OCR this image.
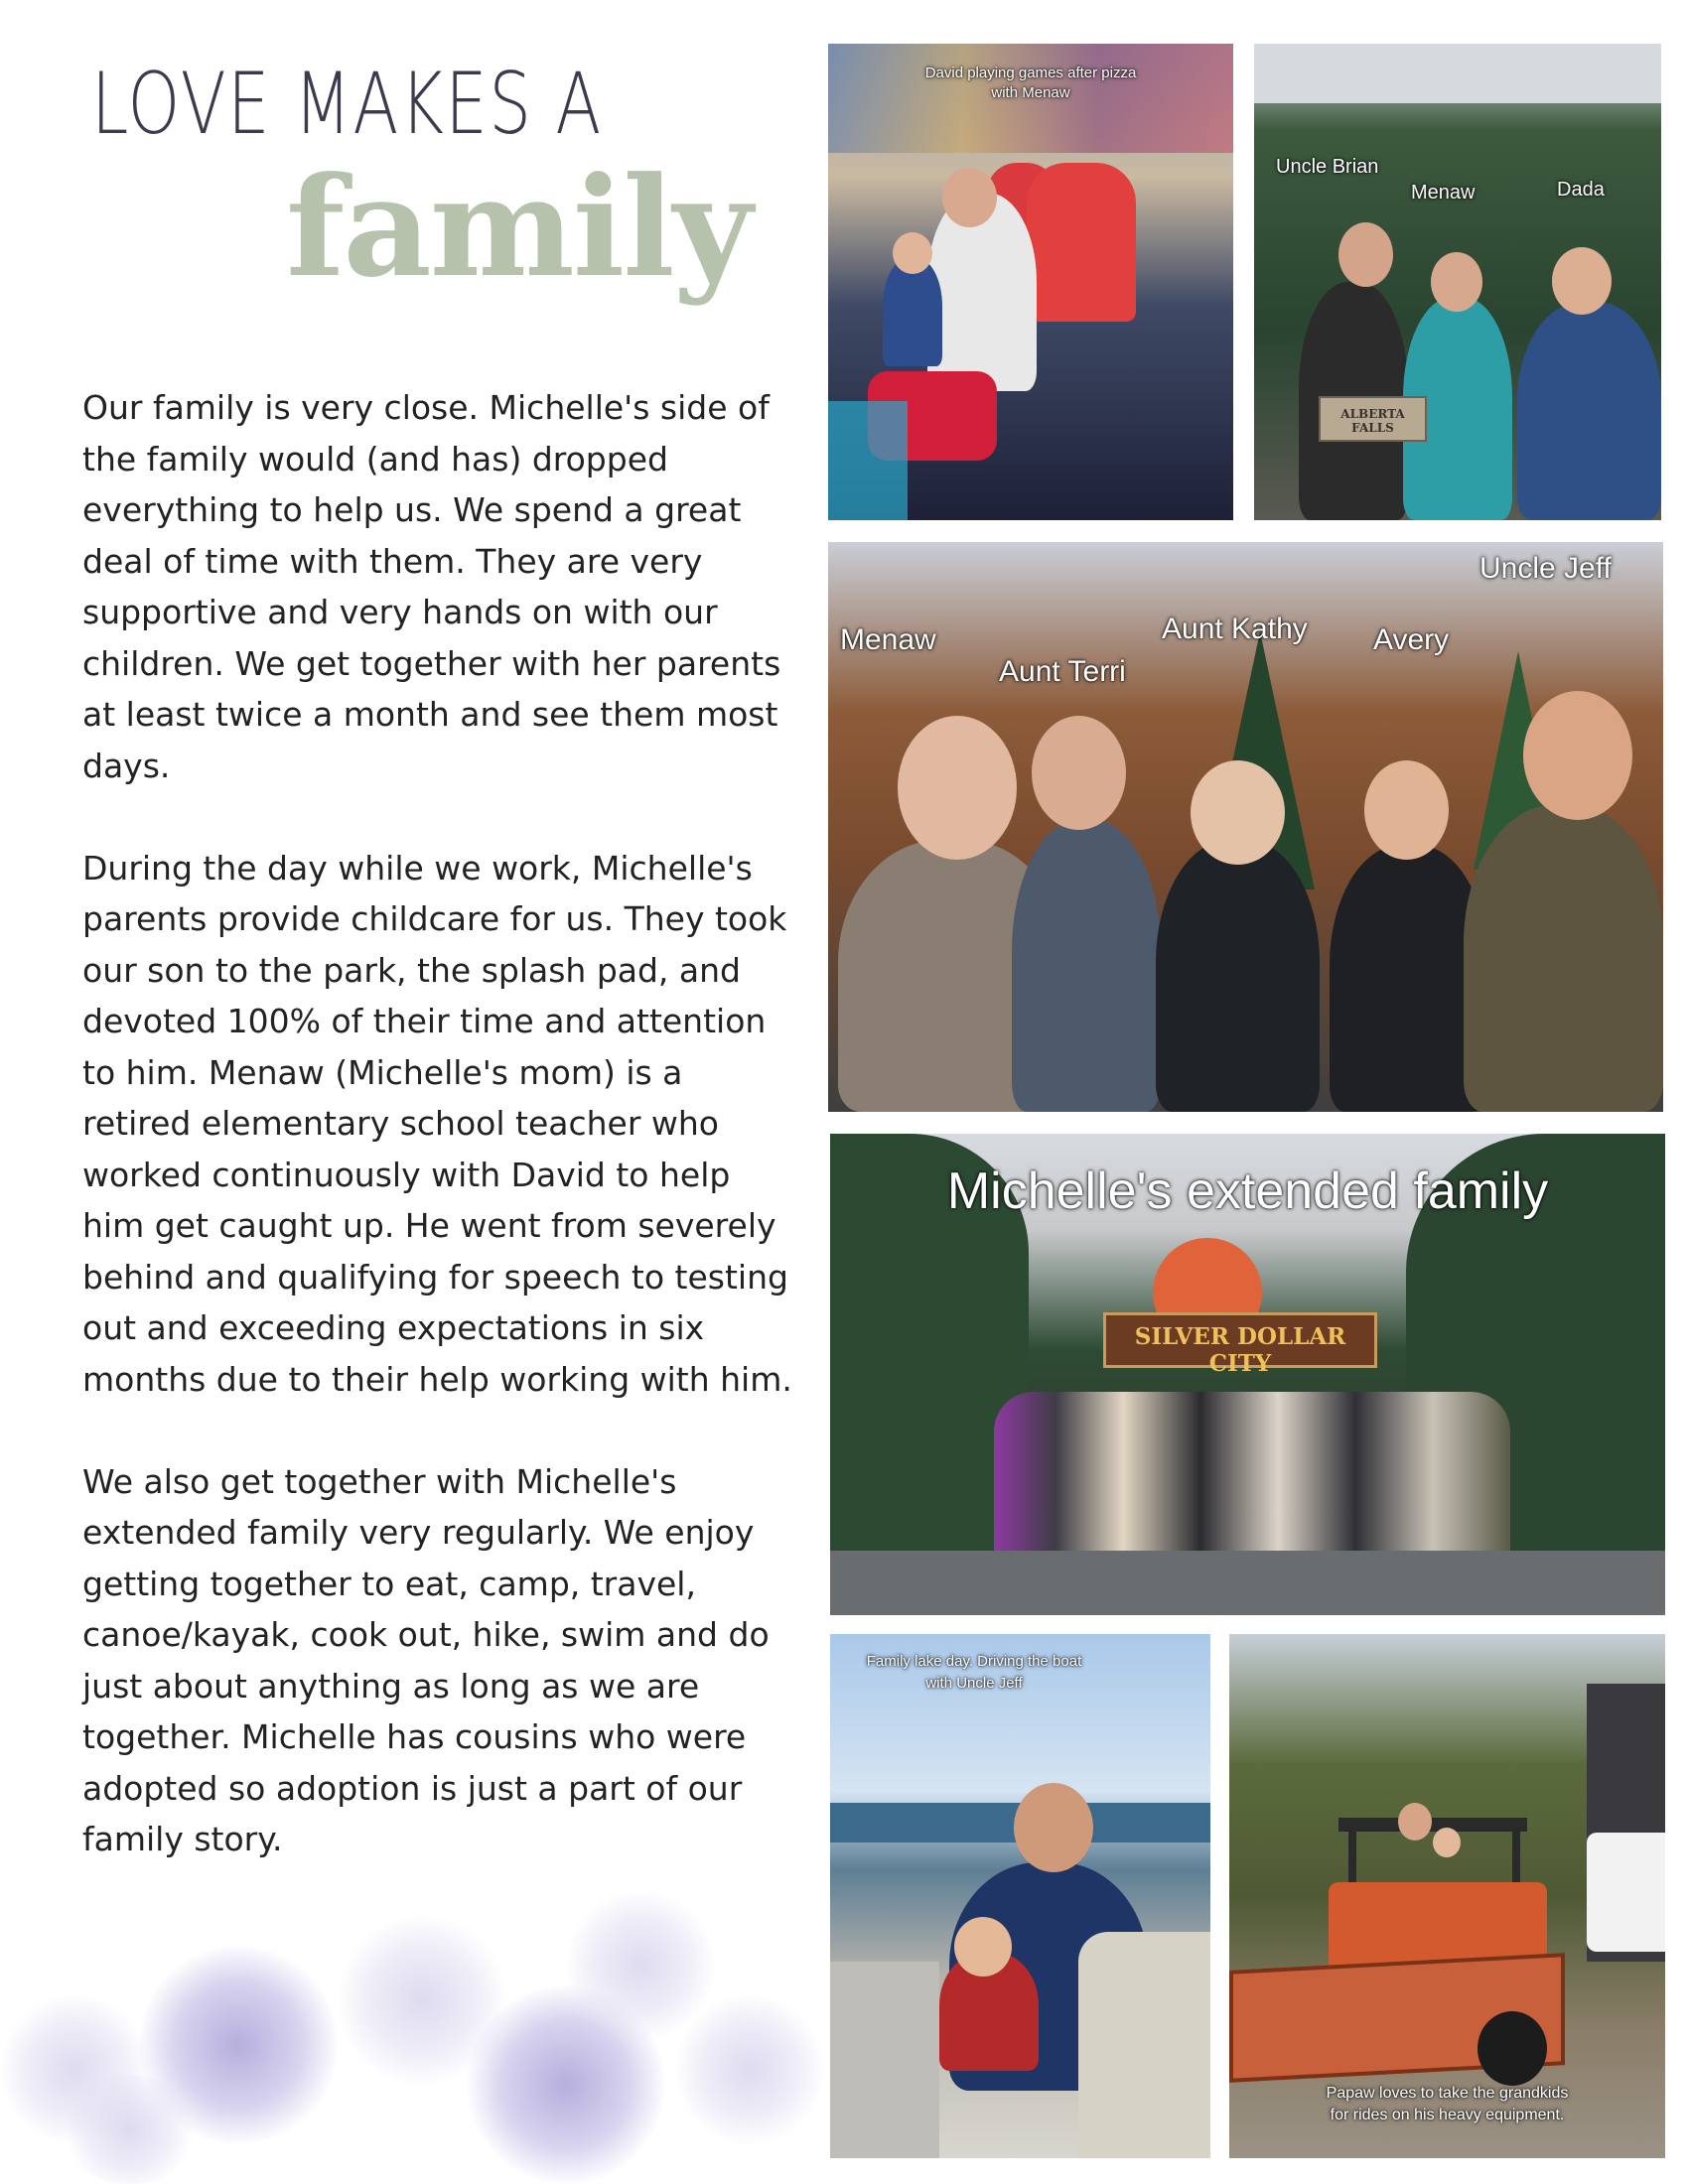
LOVE MAKES A
family

Our family is very close. Michelle's side of the family would (and has) dropped everything to help us. We spend a great deal of time with them. They are very supportive and very hands on with our children. We get together with her parents at least twice a month and see them most days.

During the day while we work, Michelle's parents provide childcare for us. They took our son to the park, the splash pad, and devoted 100% of their time and attention to him. Menaw (Michelle's mom) is a retired elementary school teacher who worked continuously with David to help him get caught up. He went from severely behind and qualifying for speech to testing out and exceeding expectations in six months due to their help working with him.

We also get together with Michelle's extended family very regularly. We enjoy getting together to eat, camp, travel, canoe/kayak, cook out, hike, swim and do just about anything as long as we are together. Michelle has cousins who were adopted so adoption is just a part of our family story.

David playing games after pizza
with Menaw
ALBERTA FALLS
Uncle Brian
Menaw	Dada
Menaw
Aunt Terri
Aunt Kathy Avery
Uncle Jeff
SILVER DOLLAR CITY
Michelle's extended family
Family lake day. Driving the boat
with Uncle Jeff
Papaw loves to take the grandkids
for rides on his heavy equipment.
